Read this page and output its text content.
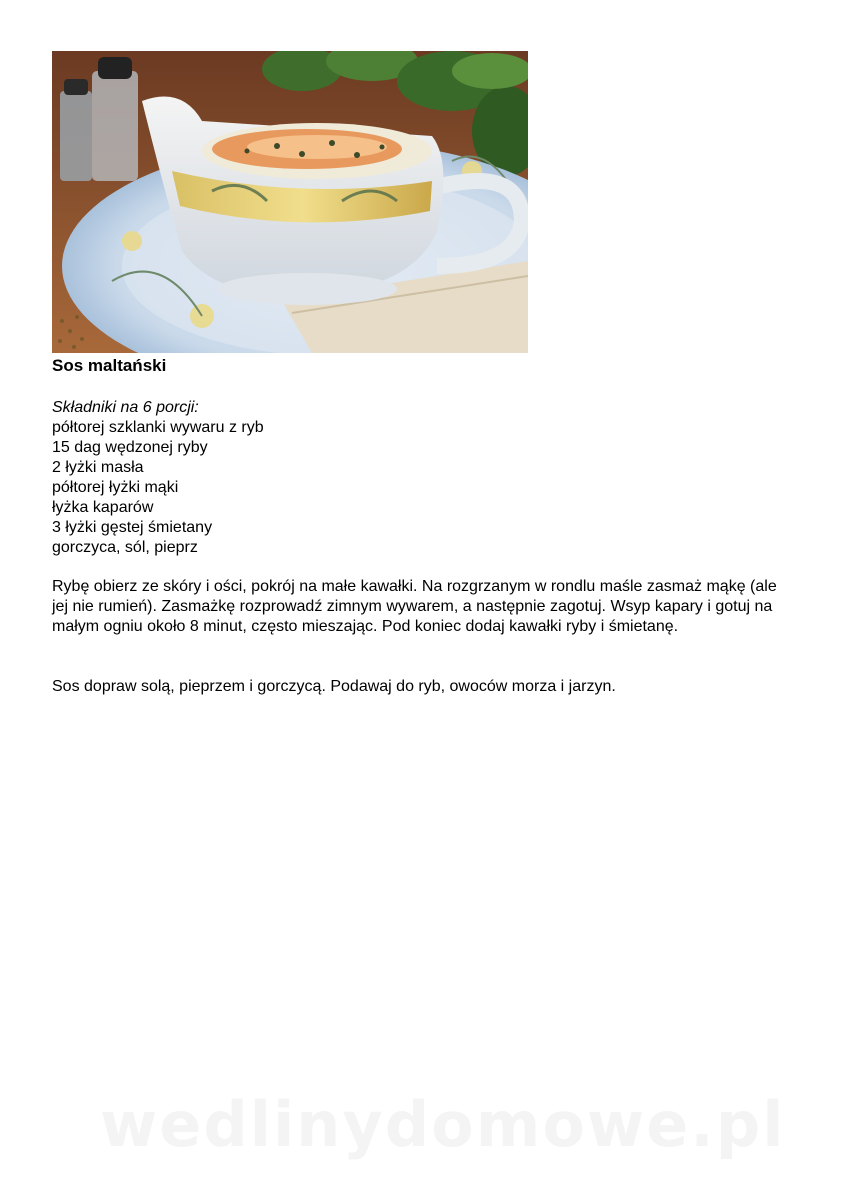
Sos maltański
Składniki na 6 porcji:
półtorej szklanki wywaru z ryb
15 dag wędzonej ryby
2 łyżki masła
półtorej łyżki mąki
łyżka kaparów
3 łyżki gęstej śmietany
gorczyca, sól, pieprz

Rybę obierz ze skóry i ości, pokrój na małe kawałki. Na rozgrzanym w rondlu maśle zasmaż mąkę (ale jej nie rumień). Zasmażkę rozprowadź zimnym wywarem, a następnie zagotuj. Wsyp kapary i gotuj na małym ogniu około 8 minut, często mieszając. Pod koniec dodaj kawałki ryby i śmietanę.

Sos dopraw solą, pieprzem i gorczycą. Podawaj do ryb, owoców morza i jarzyn.

wedlinydomowe.pl
